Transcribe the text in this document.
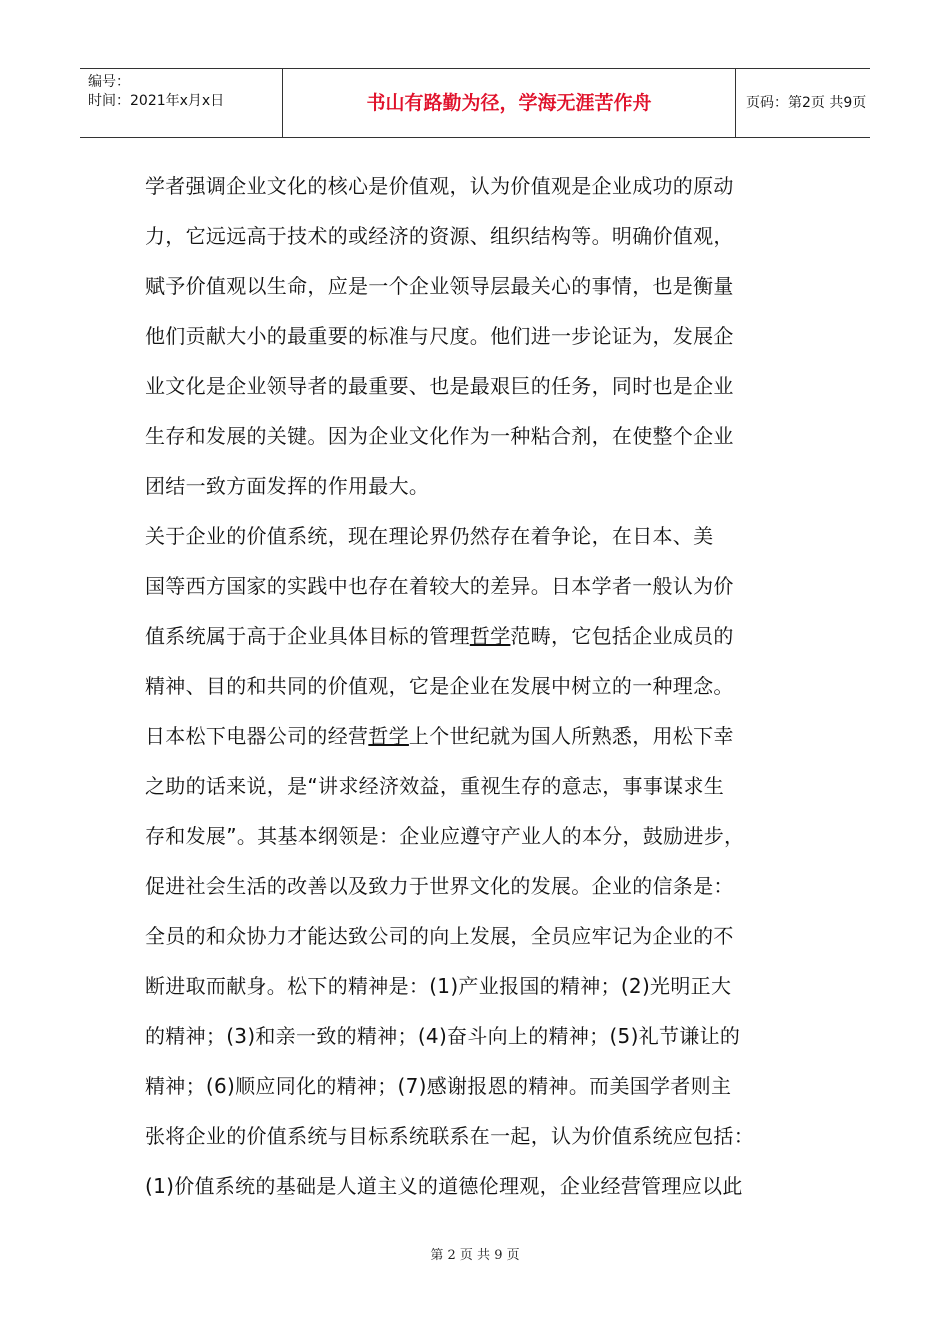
编号：
时间：2021年x月x日	书山有路勤为径，学海无涯苦作舟	页码：第2页 共9页
学者强调企业文化的核心是价值观，认为价值观是企业成功的原动
力，它远远高于技术的或经济的资源、组织结构等。明确价值观，
赋予价值观以生命，应是一个企业领导层最关心的事情，也是衡量
他们贡献大小的最重要的标准与尺度。他们进一步论证为，发展企
业文化是企业领导者的最重要、也是最艰巨的任务，同时也是企业
生存和发展的关键。因为企业文化作为一种粘合剂，在使整个企业
团结一致方面发挥的作用最大。
关于企业的价值系统，现在理论界仍然存在着争论，在日本、美
国等西方国家的实践中也存在着较大的差异。日本学者一般认为价
值系统属于高于企业具体目标的管理哲学范畴，它包括企业成员的
精神、目的和共同的价值观，它是企业在发展中树立的一种理念。
日本松下电器公司的经营哲学上个世纪就为国人所熟悉，用松下幸
之助的话来说，是“讲求经济效益，重视生存的意志，事事谋求生
存和发展”。其基本纲领是：企业应遵守产业人的本分，鼓励进步，
促进社会生活的改善以及致力于世界文化的发展。企业的信条是：
全员的和众协力才能达致公司的向上发展，全员应牢记为企业的不
断进取而献身。松下的精神是：(1)产业报国的精神；(2)光明正大
的精神；(3)和亲一致的精神；(4)奋斗向上的精神；(5)礼节谦让的
精神；(6)顺应同化的精神；(7)感谢报恩的精神。而美国学者则主
张将企业的价值系统与目标系统联系在一起，认为价值系统应包括：
(1)价值系统的基础是人道主义的道德伦理观，企业经营管理应以此
第 2 页 共 9 页
